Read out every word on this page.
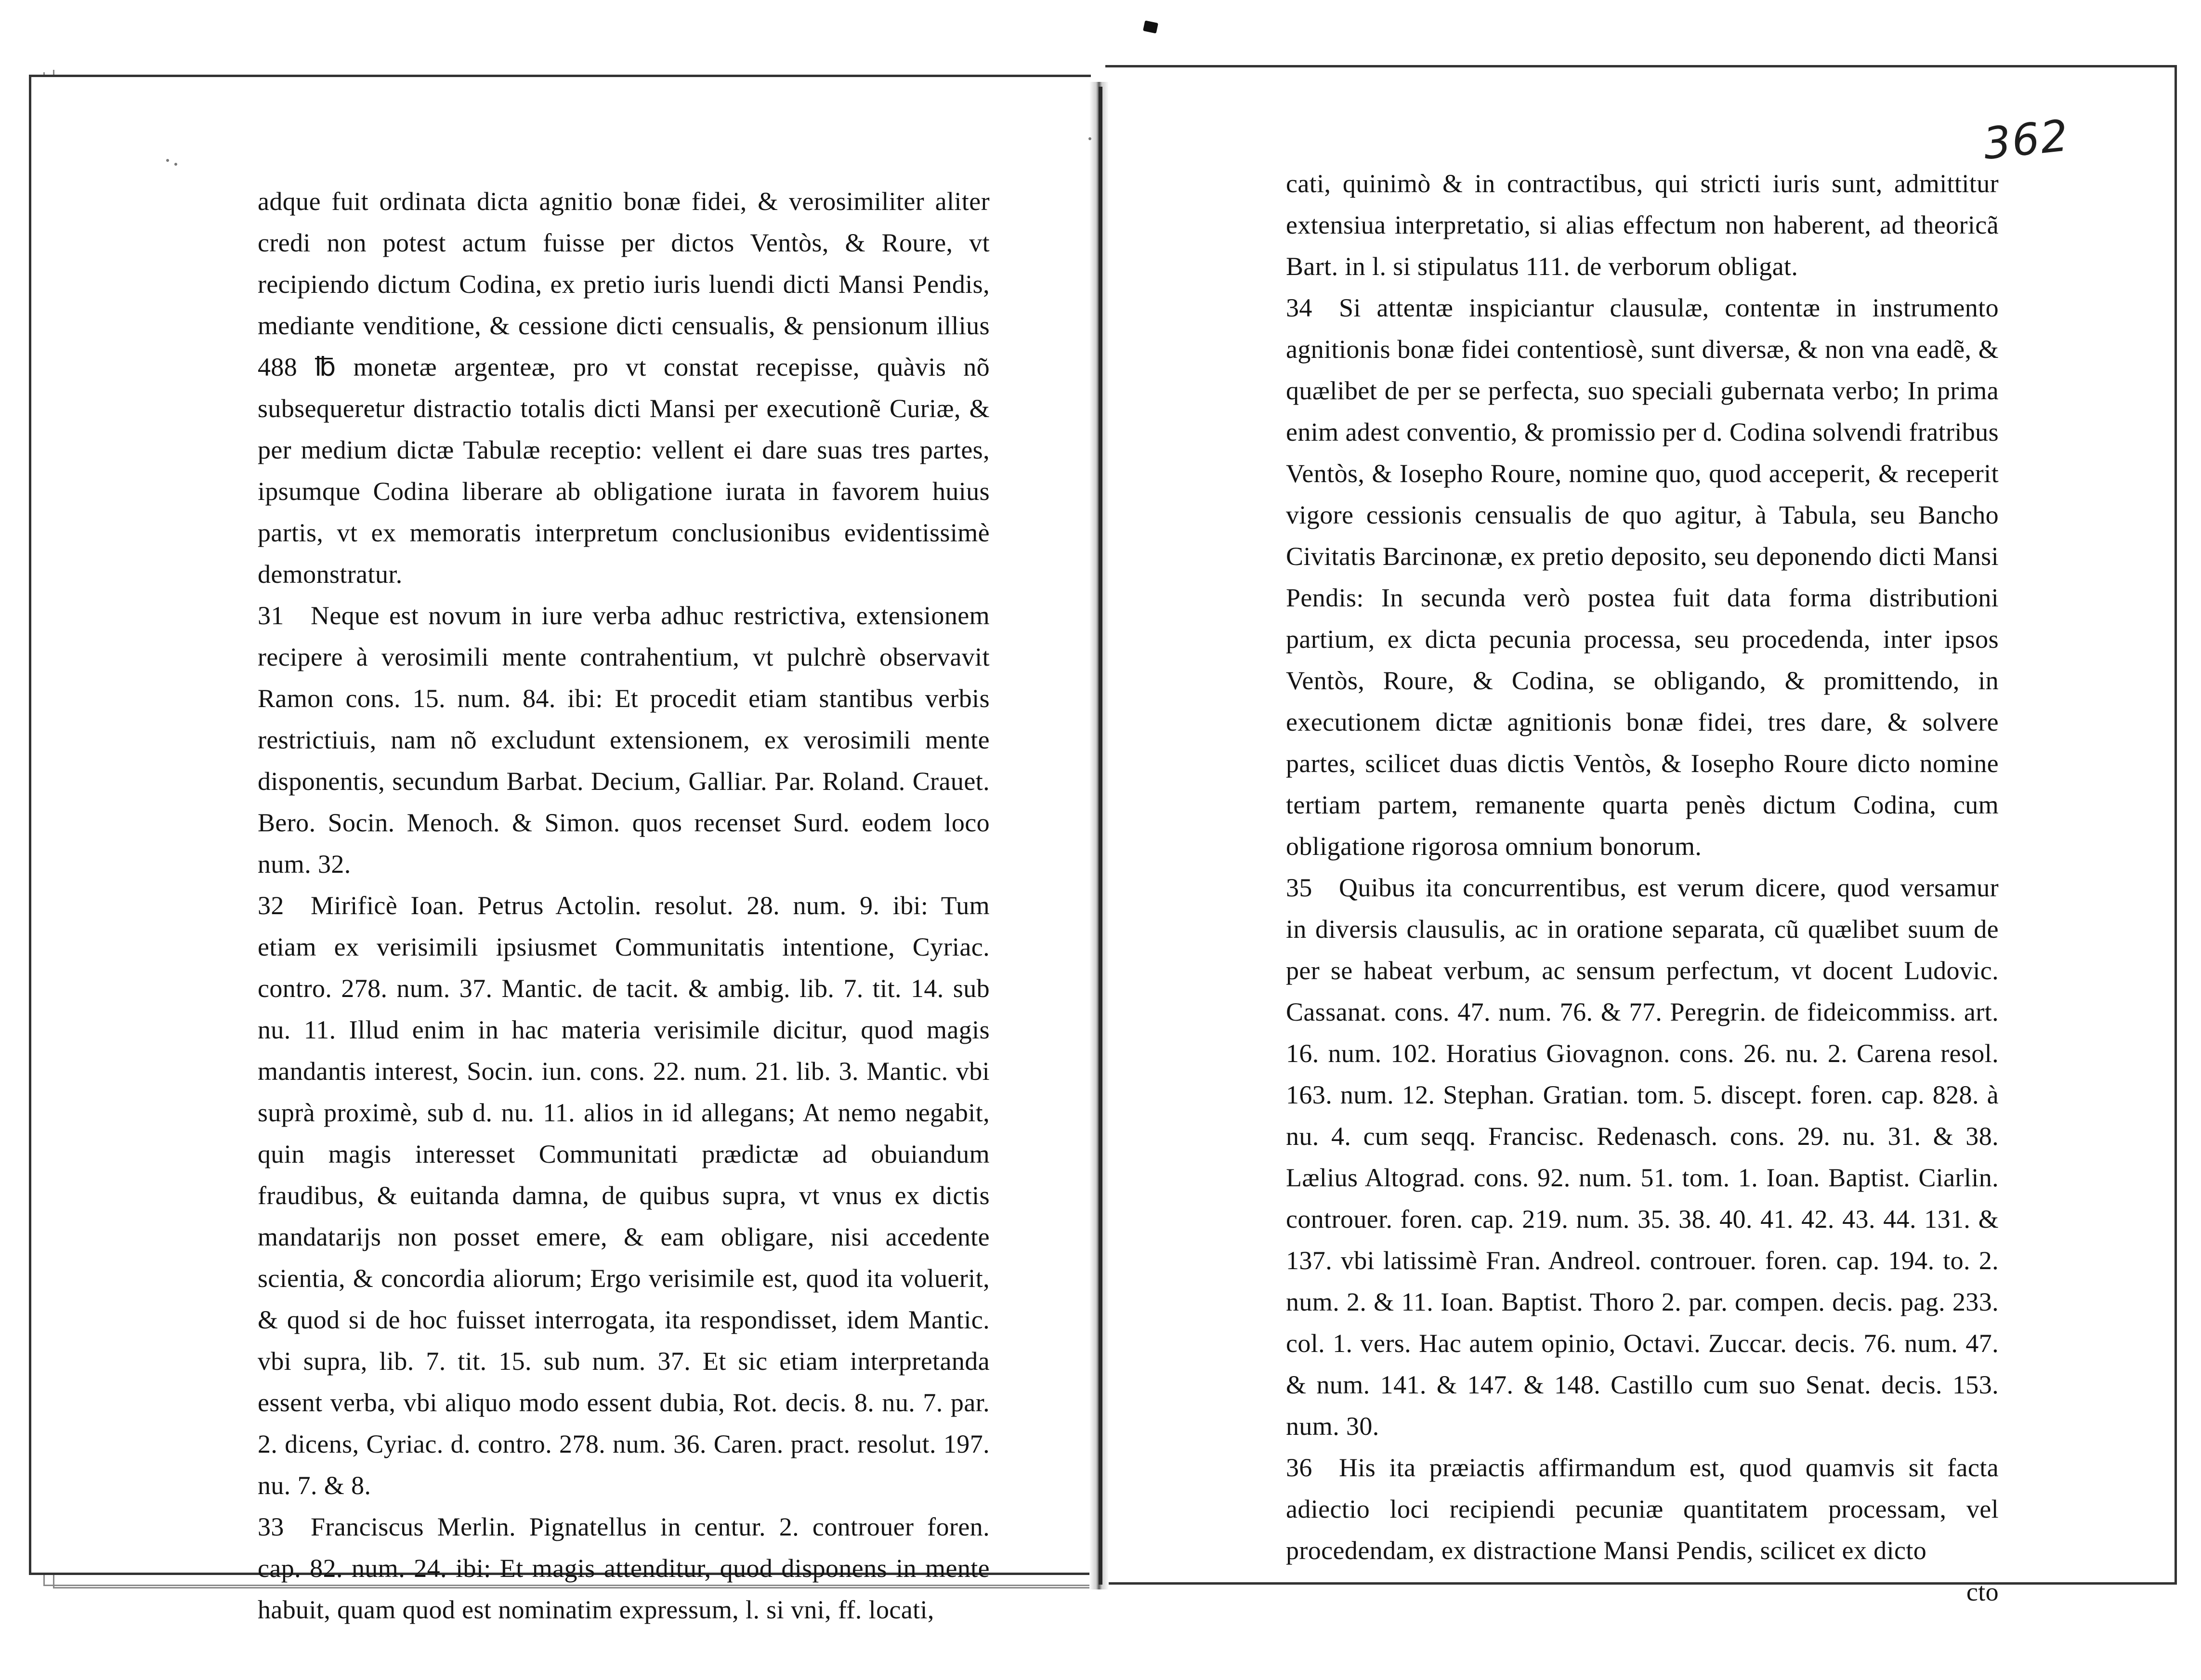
362

adque fuit ordinata dicta agnitio bonæ fidei, & verosimiliter aliter credi non potest actum fuisse per dictos Ventòs, & Roure, vt recipiendo dictum Codina, ex pretio iuris luendi dicti Mansi Pendis, mediante venditione, & cessione dicti censualis, & pensionum illius 488 ℔ monetæ argenteæ, pro vt constat recepisse, quàvis nõ subsequeretur distractio totalis dicti Mansi per executionẽ Curiæ, & per medium dictæ Tabulæ receptio: vellent ei dare suas tres partes, ipsumque Codina liberare ab obligatione iurata in favorem huius partis, vt ex memoratis interpretum conclusionibus evidentissimè demonstratur.

31 Neque est novum in iure verba adhuc restrictiva, extensionem recipere à verosimili mente contrahentium, vt pulchrè observavit Ramon cons. 15. num. 84. ibi: Et procedit etiam stantibus verbis restrictiuis, nam nõ excludunt extensionem, ex verosimili mente disponentis, secundum Barbat. Decium, Galliar. Par. Roland. Crauet. Bero. Socin. Menoch. & Simon. quos recenset Surd. eodem loco num. 32.

32 Mirificè Ioan. Petrus Actolin. resolut. 28. num. 9. ibi: Tum etiam ex verisimili ipsiusmet Communitatis intentione, Cyriac. contro. 278. num. 37. Mantic. de tacit. & ambig. lib. 7. tit. 14. sub nu. 11. Illud enim in hac materia verisimile dicitur, quod magis mandantis interest, Socin. iun. cons. 22. num. 21. lib. 3. Mantic. vbi suprà proximè, sub d. nu. 11. alios in id allegans; At nemo negabit, quin magis interesset Communitati prædictæ ad obuiandum fraudibus, & euitanda damna, de quibus supra, vt vnus ex dictis mandatarijs non posset emere, & eam obligare, nisi accedente scientia, & concordia aliorum; Ergo verisimile est, quod ita voluerit, & quod si de hoc fuisset interrogata, ita respondisset, idem Mantic. vbi supra, lib. 7. tit. 15. sub num. 37. Et sic etiam interpretanda essent verba, vbi aliquo modo essent dubia, Rot. decis. 8. nu. 7. par. 2. dicens, Cyriac. d. contro. 278. num. 36. Caren. pract. resolut. 197. nu. 7. & 8.

33 Franciscus Merlin. Pignatellus in centur. 2. controuer foren. cap. 82. num. 24. ibi: Et magis attenditur, quod disponens in mente habuit, quam quod est nominatim expressum, l. si vni, ff. locati,

cati, quinimò & in contractibus, qui stricti iuris sunt, admittitur extensiua interpretatio, si alias effectum non haberent, ad theoricã Bart. in l. si stipulatus 111. de verborum obligat.

34 Si attentæ inspiciantur clausulæ, contentæ in instrumento agnitionis bonæ fidei contentiosè, sunt diversæ, & non vna eadẽ, & quælibet de per se perfecta, suo speciali gubernata verbo; In prima enim adest conventio, & promissio per d. Codina solvendi fratribus Ventòs, & Iosepho Roure, nomine quo, quod acceperit, & receperit vigore cessionis censualis de quo agitur, à Tabula, seu Bancho Civitatis Barcinonæ, ex pretio deposito, seu deponendo dicti Mansi Pendis: In secunda verò postea fuit data forma distributioni partium, ex dicta pecunia processa, seu procedenda, inter ipsos Ventòs, Roure, & Codina, se obligando, & promittendo, in executionem dictæ agnitionis bonæ fidei, tres dare, & solvere partes, scilicet duas dictis Ventòs, & Iosepho Roure dicto nomine tertiam partem, remanente quarta penès dictum Codina, cum obligatione rigorosa omnium bonorum.

35 Quibus ita concurrentibus, est verum dicere, quod versamur in diversis clausulis, ac in oratione separata, cũ quælibet suum de per se habeat verbum, ac sensum perfectum, vt docent Ludovic. Cassanat. cons. 47. num. 76. & 77. Peregrin. de fideicommiss. art. 16. num. 102. Horatius Giovagnon. cons. 26. nu. 2. Carena resol. 163. num. 12. Stephan. Gratian. tom. 5. discept. foren. cap. 828. à nu. 4. cum seqq. Francisc. Redenasch. cons. 29. nu. 31. & 38. Lælius Altograd. cons. 92. num. 51. tom. 1. Ioan. Baptist. Ciarlin. controuer. foren. cap. 219. num. 35. 38. 40. 41. 42. 43. 44. 131. & 137. vbi latissimè Fran. Andreol. controuer. foren. cap. 194. to. 2. num. 2. & 11. Ioan. Baptist. Thoro 2. par. compen. decis. pag. 233. col. 1. vers. Hac autem opinio, Octavi. Zuccar. decis. 76. num. 47. & num. 141. & 147. & 148. Castillo cum suo Senat. decis. 153. num. 30.

36 His ita præiactis affirmandum est, quod quamvis sit facta adiectio loci recipiendi pecuniæ quantitatem processam, vel procedendam, ex distractione Mansi Pendis, scilicet ex dicto

cto
